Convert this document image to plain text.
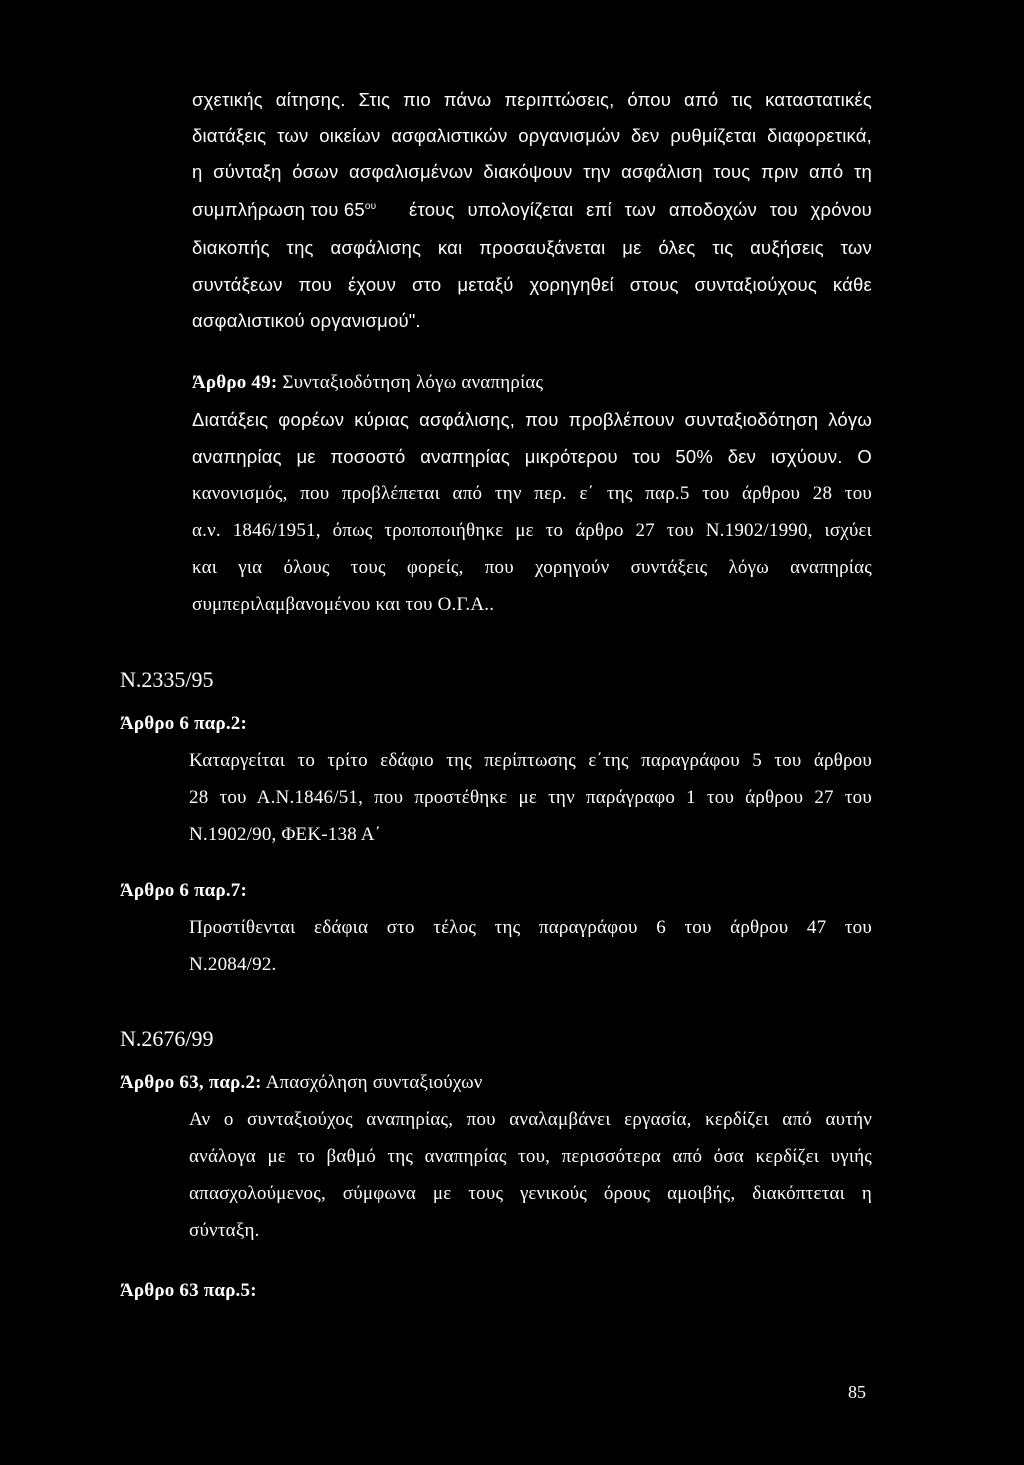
σχετικής αίτησης. Στις πιο πάνω περιπτώσεις, όπου από τις καταστατικές
διατάξεις των οικείων ασφαλιστικών οργανισμών δεν ρυθμίζεται διαφορετικά,
η σύνταξη όσων ασφαλισμένων διακόψουν την ασφάλιση τους πριν από τη
συμπλήρωση του $65^{o\upsilon}$ έτους υπολογίζεται επί των αποδοχών του χρόνου
διακοπής της ασφάλισης και προσαυξάνεται με όλες τις αυξήσεις των
συντάξεων που έχουν στο μεταξύ χορηγηθεί στους συνταξιούχους κάθε
ασφαλιστικού οργανισμού".
Άρθρο 49: Συνταξιοδότηση λόγω αναπηρίας
Διατάξεις φορέων κύριας ασφάλισης, που προβλέπουν συνταξιοδότηση λόγω
αναπηρίας με ποσοστό αναπηρίας μικρότερου του 50% δεν ισχύουν. Ο
κανονισμός, που προβλέπεται από την περ. ε΄ της παρ.5 του άρθρου 28 του
α.ν. 1846/1951, όπως τροποποιήθηκε με το άρθρο 27 του Ν.1902/1990, ισχύει
και για όλους τους φορείς, που χορηγούν συντάξεις λόγω αναπηρίας
συμπεριλαμβανομένου και του Ο.Γ.Α..
Ν.2335/95
Άρθρο 6 παρ.2:
Καταργείται το τρίτο εδάφιο της περίπτωσης ε΄της παραγράφου 5 του άρθρου
28 του Α.Ν.1846/51, που προστέθηκε με την παράγραφο 1 του άρθρου 27 του
Ν.1902/90, ΦΕΚ-138 Α΄
Άρθρο 6 παρ.7:
Προστίθενται εδάφια στο τέλος της παραγράφου 6 του άρθρου 47 του
Ν.2084/92.
Ν.2676/99
Άρθρο 63, παρ.2: Απασχόληση συνταξιούχων
Αν ο συνταξιούχος αναπηρίας, που αναλαμβάνει εργασία, κερδίζει από αυτήν
ανάλογα με το βαθμό της αναπηρίας του, περισσότερα από όσα κερδίζει υγιής
απασχολούμενος, σύμφωνα με τους γενικούς όρους αμοιβής, διακόπτεται η
σύνταξη.
Άρθρο 63 παρ.5:
85
